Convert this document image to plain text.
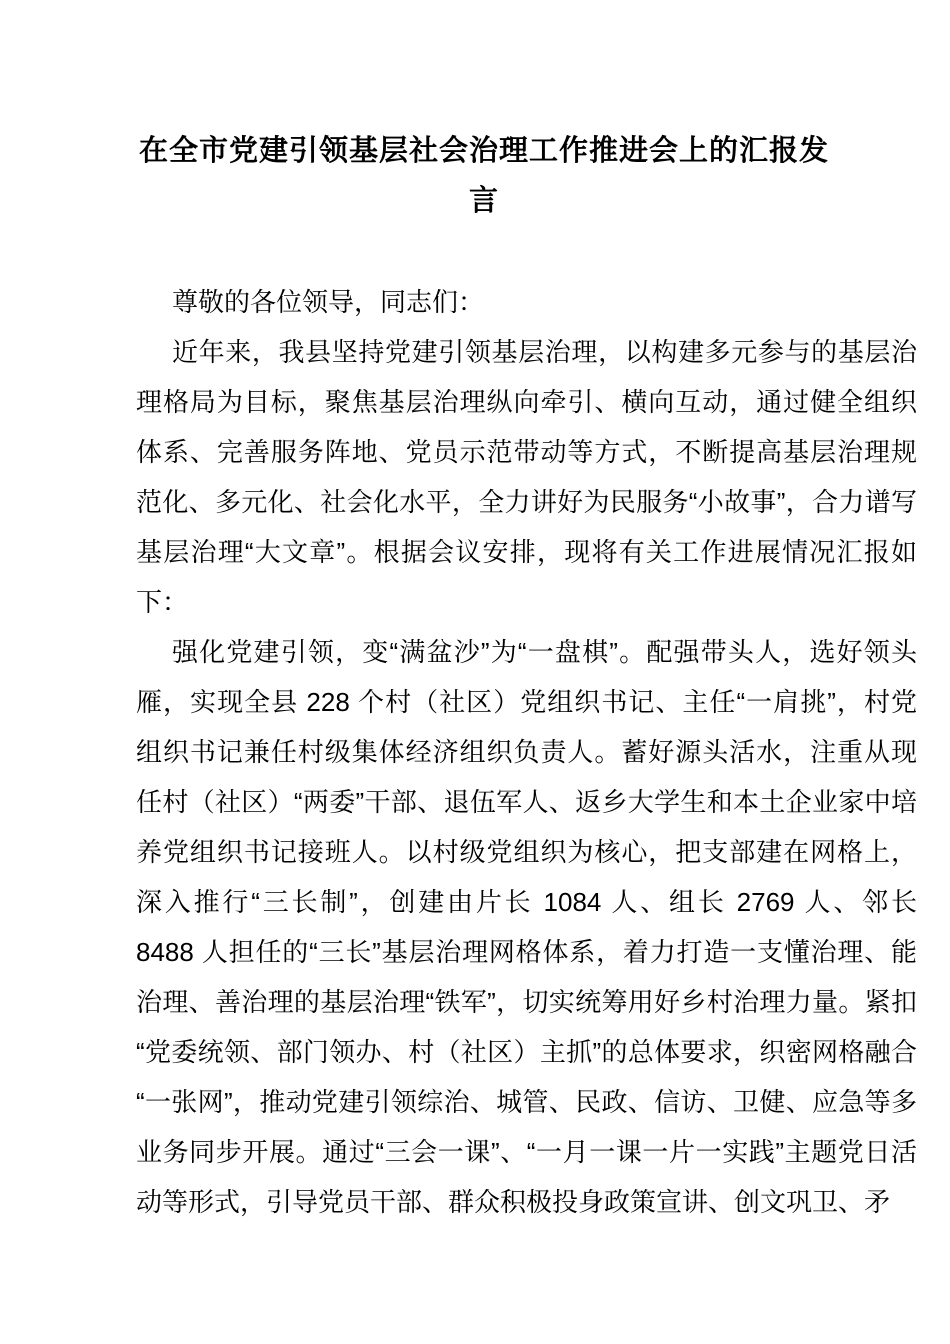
在全市党建引领基层社会治理工作推进会上的汇报发
言
尊敬的各位领导，同志们：
近年来，我县坚持党建引领基层治理，以构建多元参与的基层治
理格局为目标，聚焦基层治理纵向牵引、横向互动，通过健全组织
体系、完善服务阵地、党员示范带动等方式，不断提高基层治理规
范化、多元化、社会化水平，全力讲好为民服务“小故事”，合力谱写
基层治理“大文章”。根据会议安排，现将有关工作进展情况汇报如
下：
强化党建引领，变“满盆沙”为“一盘棋”。配强带头人，选好领头
雁，实现全县 228 个村（社区）党组织书记、主任“一肩挑”，村党
组织书记兼任村级集体经济组织负责人。蓄好源头活水，注重从现
任村（社区）“两委”干部、退伍军人、返乡大学生和本土企业家中培
养党组织书记接班人。以村级党组织为核心，把支部建在网格上，
深入推行“三长制”，创建由片长 1084 人、组长 2769 人、邻长
8488 人担任的“三长”基层治理网格体系，着力打造一支懂治理、能
治理、善治理的基层治理“铁军”，切实统筹用好乡村治理力量。紧扣
“党委统领、部门领办、村（社区）主抓”的总体要求，织密网格融合
“一张网”，推动党建引领综治、城管、民政、信访、卫健、应急等多
业务同步开展。通过“三会一课”、“一月一课一片一实践”主题党日活
动等形式，引导党员干部、群众积极投身政策宣讲、创文巩卫、矛
